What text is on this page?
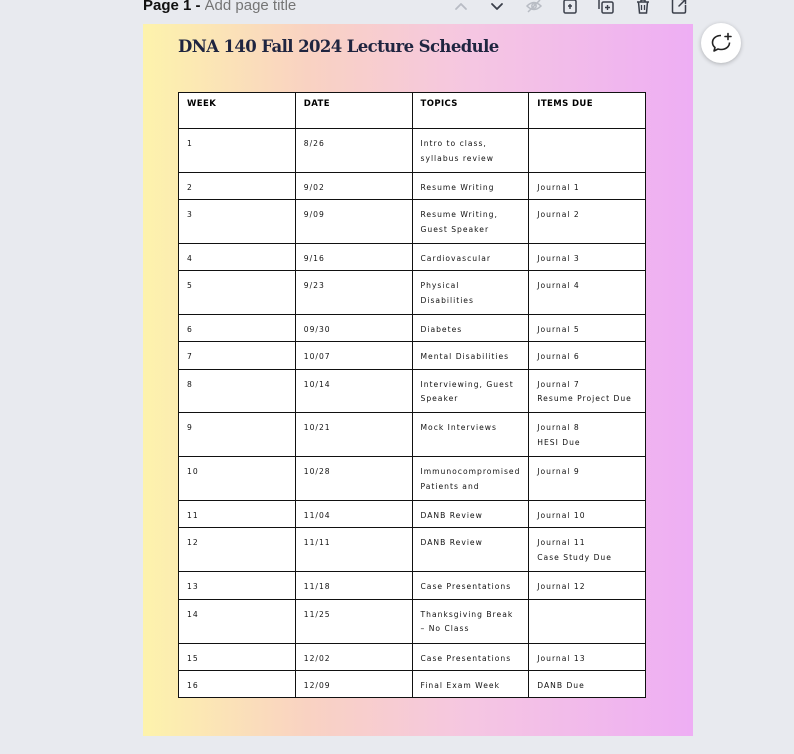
Page 1 -
Add page title
DNA 140 Fall 2024 Lecture Schedule
WEEK	DATE	TOPICS	ITEMS DUE
1	8/26	Intro to class,
syllabus review	
2	9/02	Resume Writing	Journal 1
3	9/09	Resume Writing,
Guest Speaker	Journal 2
4	9/16	Cardiovascular	Journal 3
5	9/23	Physical
Disabilities	Journal 4
6	09/30	Diabetes	Journal 5
7	10/07	Mental Disabilities	Journal 6
8	10/14	Interviewing, Guest
Speaker	Journal 7
Resume Project Due
9	10/21	Mock Interviews	Journal 8
HESI Due
10	10/28	Immunocompromised
Patients and	Journal 9
11	11/04	DANB Review	Journal 10
12	11/11	DANB Review	Journal 11
Case Study Due
13	11/18	Case Presentations	Journal 12
14	11/25	Thanksgiving Break
– No Class	
15	12/02	Case Presentations	Journal 13
16	12/09	Final Exam Week	DANB Due
